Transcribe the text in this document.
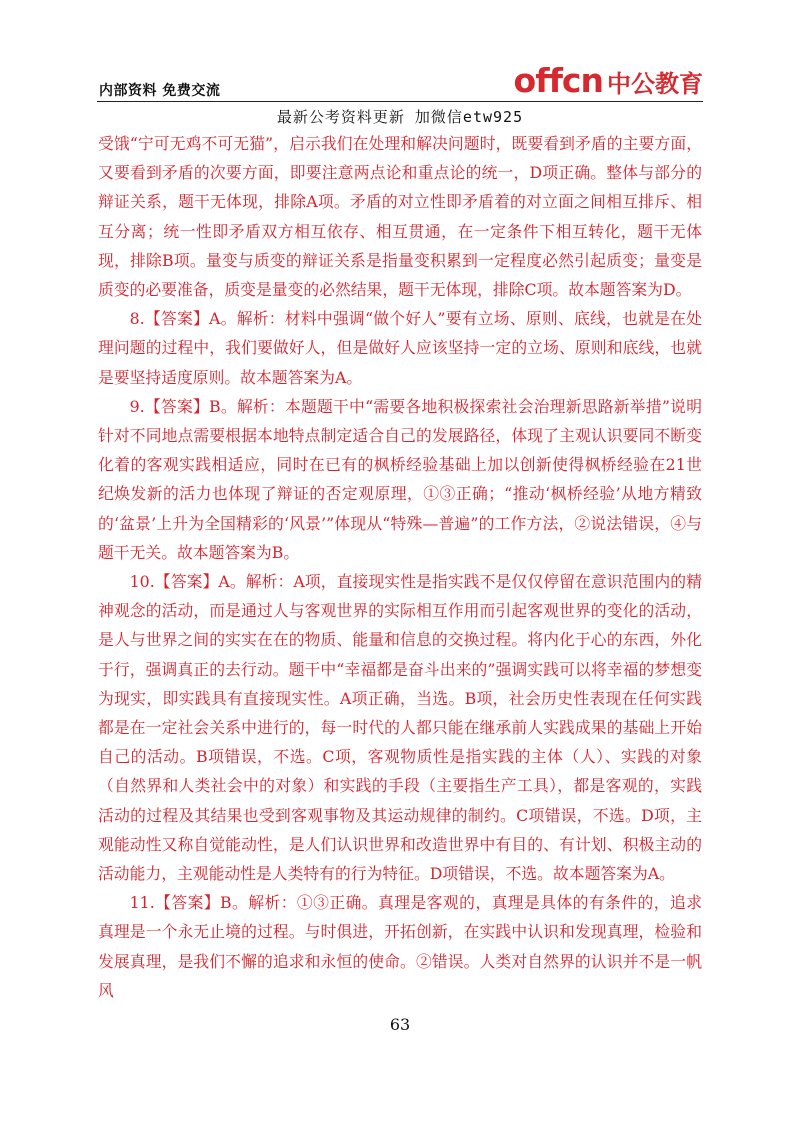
内部资料 免费交流	offcn 中公教育
最新公考资料更新 加微信etw925

受饿“宁可无鸡不可无猫”，启示我们在处理和解决问题时，既要看到矛盾的主要方面，又要看到矛盾的次要方面，即要注意两点论和重点论的统一，D项正确。整体与部分的辩证关系，题干无体现，排除A项。矛盾的对立性即矛盾着的对立面之间相互排斥、相互分离；统一性即矛盾双方相互依存、相互贯通，在一定条件下相互转化，题干无体现，排除B项。量变与质变的辩证关系是指量变积累到一定程度必然引起质变；量变是质变的必要准备，质变是量变的必然结果，题干无体现，排除C项。故本题答案为D。

8.【答案】A。解析：材料中强调“做个好人”要有立场、原则、底线，也就是在处理问题的过程中，我们要做好人，但是做好人应该坚持一定的立场、原则和底线，也就是要坚持适度原则。故本题答案为A。

9.【答案】B。解析：本题题干中“需要各地积极探索社会治理新思路新举措”说明针对不同地点需要根据本地特点制定适合自己的发展路径，体现了主观认识要同不断变化着的客观实践相适应，同时在已有的枫桥经验基础上加以创新使得枫桥经验在21世纪焕发新的活力也体现了辩证的否定观原理，①③正确；“推动‘枫桥经验’从地方精致的‘盆景’上升为全国精彩的‘风景’”体现从“特殊—普遍”的工作方法，②说法错误，④与题干无关。故本题答案为B。

10.【答案】A。解析：A项，直接现实性是指实践不是仅仅停留在意识范围内的精神观念的活动，而是通过人与客观世界的实际相互作用而引起客观世界的变化的活动，是人与世界之间的实实在在的物质、能量和信息的交换过程。将内化于心的东西，外化于行，强调真正的去行动。题干中“幸福都是奋斗出来的”强调实践可以将幸福的梦想变为现实，即实践具有直接现实性。A项正确，当选。B项，社会历史性表现在任何实践都是在一定社会关系中进行的，每一时代的人都只能在继承前人实践成果的基础上开始自己的活动。B项错误，不选。C项，客观物质性是指实践的主体（人）、实践的对象（自然界和人类社会中的对象）和实践的手段（主要指生产工具），都是客观的，实践活动的过程及其结果也受到客观事物及其运动规律的制约。C项错误，不选。D项，主观能动性又称自觉能动性，是人们认识世界和改造世界中有目的、有计划、积极主动的活动能力，主观能动性是人类特有的行为特征。D项错误，不选。故本题答案为A。

11.【答案】B。解析：①③正确。真理是客观的，真理是具体的有条件的，追求真理是一个永无止境的过程。与时俱进，开拓创新，在实践中认识和发现真理，检验和发展真理，是我们不懈的追求和永恒的使命。②错误。人类对自然界的认识并不是一帆风

63
